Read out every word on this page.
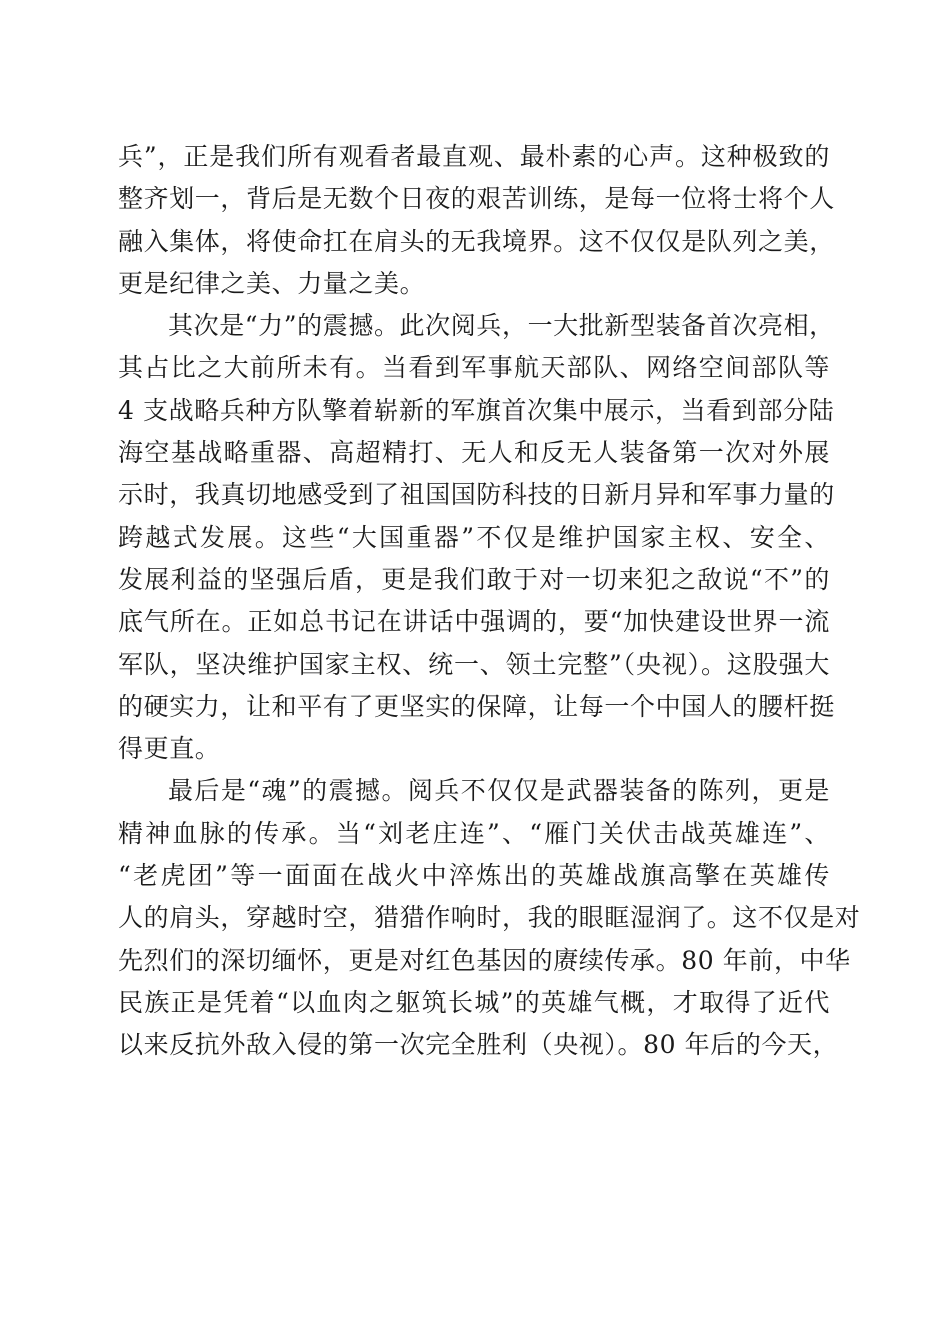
兵”，正是我们所有观看者最直观、最朴素的心声。这种极致的
整齐划一，背后是无数个日夜的艰苦训练，是每一位将士将个人
融入集体，将使命扛在肩头的无我境界。这不仅仅是队列之美，
更是纪律之美、力量之美。
其次是“力”的震撼。此次阅兵，一大批新型装备首次亮相，
其占比之大前所未有。当看到军事航天部队、网络空间部队等
4 支战略兵种方队擎着崭新的军旗首次集中展示，当看到部分陆
海空基战略重器、高超精打、无人和反无人装备第一次对外展
示时，我真切地感受到了祖国国防科技的日新月异和军事力量的
跨越式发展。这些“大国重器”不仅是维护国家主权、安全、
发展利益的坚强后盾，更是我们敢于对一切来犯之敌说“不”的
底气所在。正如总书记在讲话中强调的，要“加快建设世界一流
军队，坚决维护国家主权、统一、领土完整”（央视）。这股强大
的硬实力，让和平有了更坚实的保障，让每一个中国人的腰杆挺
得更直。
最后是“魂”的震撼。阅兵不仅仅是武器装备的陈列，更是
精神血脉的传承。当“刘老庄连”、“雁门关伏击战英雄连”、
“老虎团”等一面面在战火中淬炼出的英雄战旗高擎在英雄传
人的肩头，穿越时空，猎猎作响时，我的眼眶湿润了。这不仅是对
先烈们的深切缅怀，更是对红色基因的赓续传承。80 年前，中华
民族正是凭着“以血肉之躯筑长城”的英雄气概，才取得了近代
以来反抗外敌入侵的第一次完全胜利（央视）。80 年后的今天，
